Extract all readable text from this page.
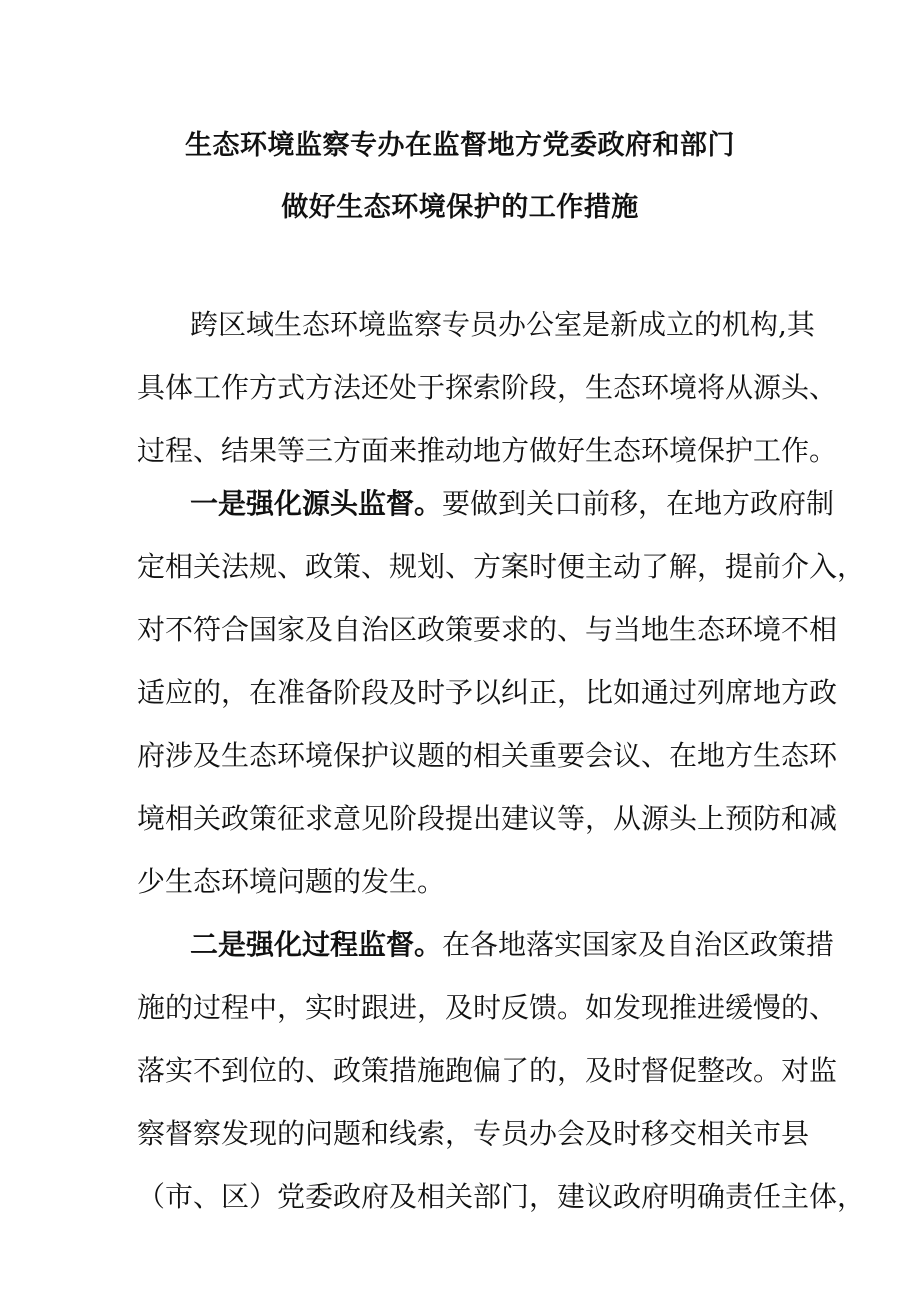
生态环境监察专办在监督地方党委政府和部门
做好生态环境保护的工作措施
跨区域生态环境监察专员办公室是新成立的机构,其
具体工作方式方法还处于探索阶段，生态环境将从源头、
过程、结果等三方面来推动地方做好生态环境保护工作。
一是强化源头监督。要做到关口前移，在地方政府制
定相关法规、政策、规划、方案时便主动了解，提前介入，
对不符合国家及自治区政策要求的、与当地生态环境不相
适应的，在准备阶段及时予以纠正，比如通过列席地方政
府涉及生态环境保护议题的相关重要会议、在地方生态环
境相关政策征求意见阶段提出建议等，从源头上预防和减
少生态环境问题的发生。
二是强化过程监督。在各地落实国家及自治区政策措
施的过程中，实时跟进，及时反馈。如发现推进缓慢的、
落实不到位的、政策措施跑偏了的，及时督促整改。对监
察督察发现的问题和线索，专员办会及时移交相关市县
（市、区）党委政府及相关部门，建议政府明确责任主体，
